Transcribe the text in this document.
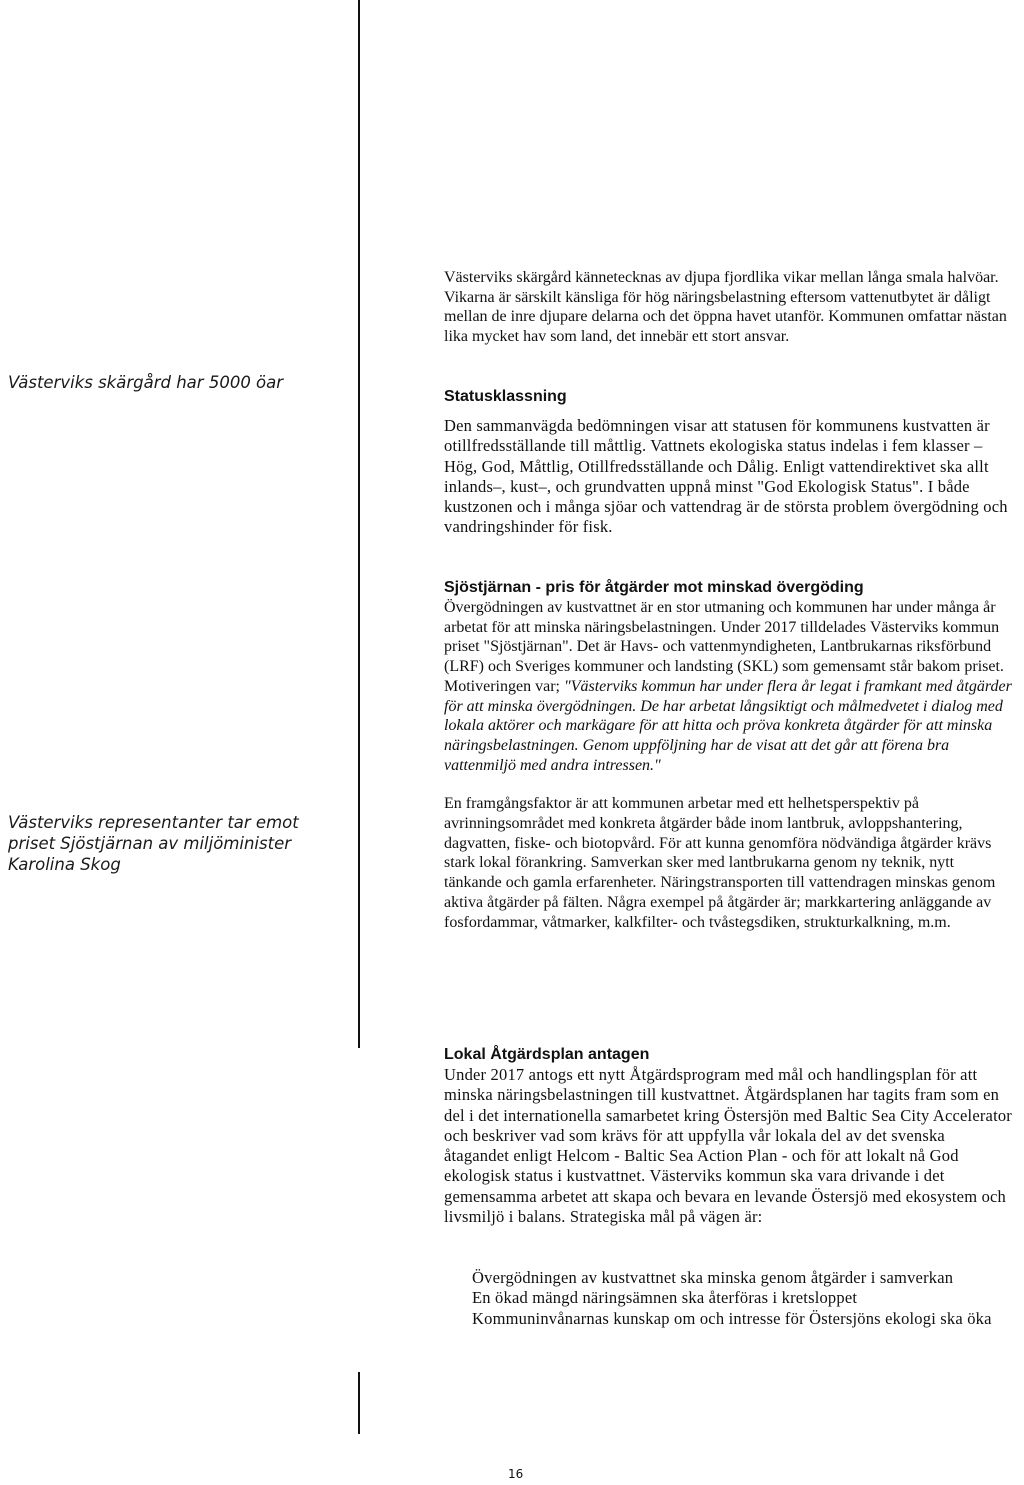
Västerviks skärgård har 5000 öar
Västerviks representanter tar emot priset Sjöstjärnan av miljöminister Karolina Skog

Västerviks skärgård kännetecknas av djupa fjordlika vikar mellan långa smala halvöar. Vikarna är särskilt känsliga för hög näringsbelastning eftersom vattenutbytet är dåligt mellan de inre djupare delarna och det öppna havet utanför. Kommunen omfattar nästan lika mycket hav som land, det innebär ett stort ansvar.

Statusklassning

Den sammanvägda bedömningen visar att statusen för kommunens kustvatten är otillfredsställande till måttlig. Vattnets ekologiska status indelas i fem klasser – Hög, God, Måttlig, Otillfredsställande och Dålig. Enligt vattendirektivet ska allt inlands–, kust–, och grundvatten uppnå minst "God Ekologisk Status". I både kustzonen och i många sjöar och vattendrag är de största problem övergödning och vandringshinder för fisk.

Sjöstjärnan - pris för åtgärder mot minskad övergöding

Övergödningen av kustvattnet är en stor utmaning och kommunen har under många år arbetat för att minska näringsbelastningen. Under 2017 tilldelades Västerviks kommun priset "Sjöstjärnan". Det är Havs- och vattenmyndigheten, Lantbrukarnas riksförbund (LRF) och Sveriges kommuner och landsting (SKL) som gemensamt står bakom priset. Motiveringen var; "Västerviks kommun har under flera år legat i framkant med åtgärder för att minska övergödningen. De har arbetat långsiktigt och målmedvetet i dialog med lokala aktörer och markägare för att hitta och pröva konkreta åtgärder för att minska näringsbelastningen. Genom uppföljning har de visat att det går att förena bra vattenmiljö med andra intressen."

En framgångsfaktor är att kommunen arbetar med ett helhetsperspektiv på avrinningsområdet med konkreta åtgärder både inom lantbruk, avloppshantering, dagvatten, fiske- och biotopvård. För att kunna genomföra nödvändiga åtgärder krävs stark lokal förankring. Samverkan sker med lantbrukarna genom ny teknik, nytt tänkande och gamla erfarenheter. Näringstransporten till vattendragen minskas genom aktiva åtgärder på fälten. Några exempel på åtgärder är; markkartering anläggande av fosfordammar, våtmarker, kalkfilter- och tvåstegsdiken, strukturkalkning, m.m.

Lokal Åtgärdsplan antagen

Under 2017 antogs ett nytt Åtgärdsprogram med mål och handlingsplan för att minska näringsbelastningen till kustvattnet. Åtgärdsplanen har tagits fram som en del i det internationella samarbetet kring Östersjön med Baltic Sea City Accelerator och beskriver vad som krävs för att uppfylla vår lokala del av det svenska åtagandet enligt Helcom - Baltic Sea Action Plan - och för att lokalt nå God ekologisk status i kustvattnet. Västerviks kommun ska vara drivande i det gemensamma arbetet att skapa och bevara en levande Östersjö med ekosystem och livsmiljö i balans. Strategiska mål på vägen är:

Övergödningen av kustvattnet ska minska genom åtgärder i samverkan

En ökad mängd näringsämnen ska återföras i kretsloppet

Kommuninvånarnas kunskap om och intresse för Östersjöns ekologi ska öka

16
